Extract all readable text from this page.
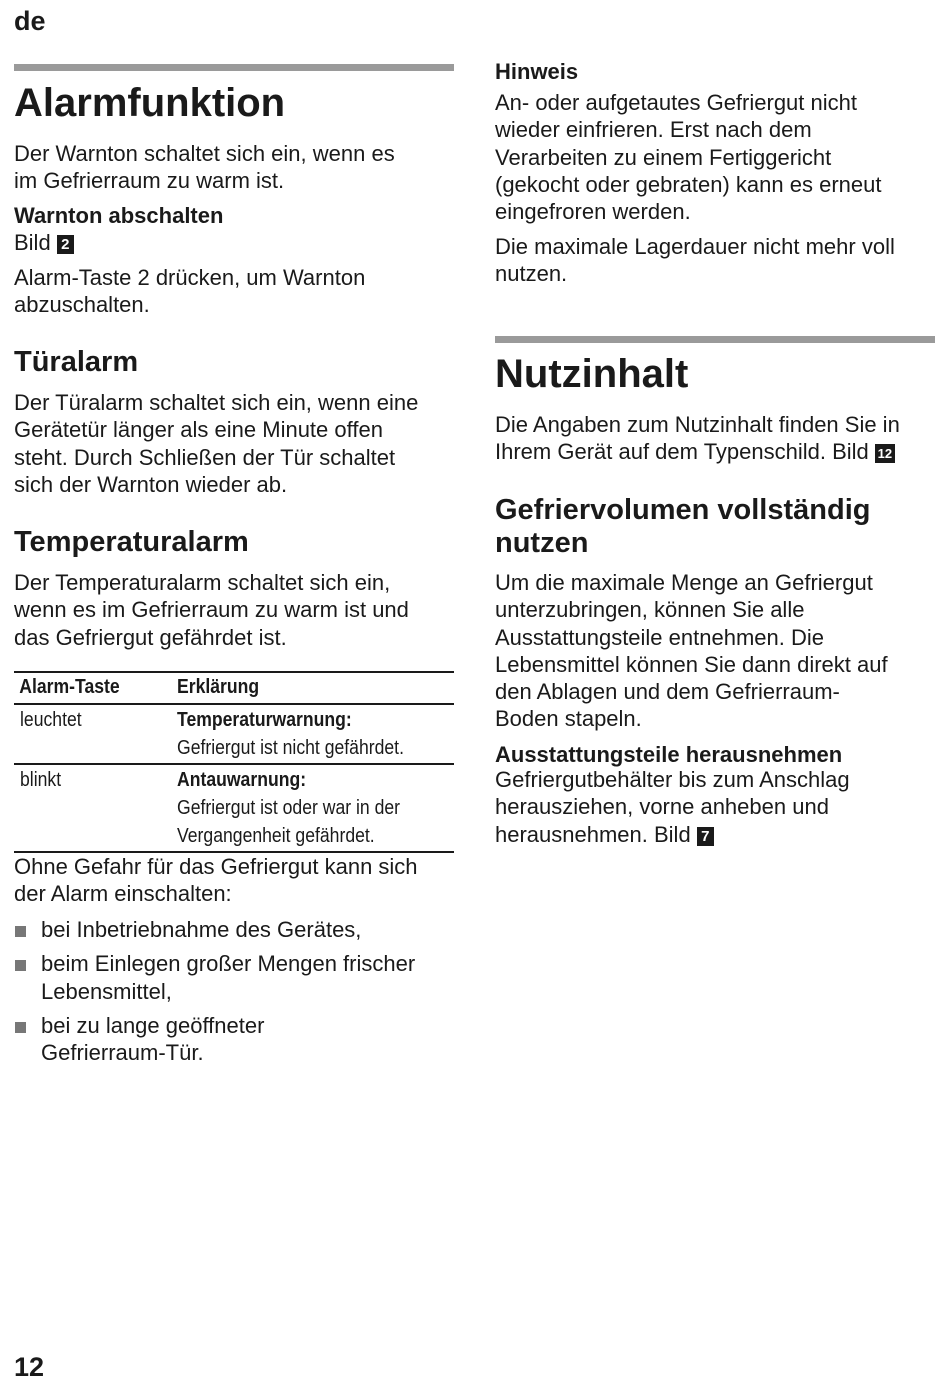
de
Alarmfunktion
Der Warnton schaltet sich ein, wenn es
im Gefrierraum zu warm ist.
Warnton abschalten
Bild 2
Alarm-Taste 2 drücken, um Warnton
abzuschalten.
Türalarm
Der Türalarm schaltet sich ein, wenn eine
Gerätetür länger als eine Minute offen
steht. Durch Schließen der Tür schaltet
sich der Warnton wieder ab.
Temperaturalarm
Der Temperaturalarm schaltet sich ein,
wenn es im Gefrierraum zu warm ist und
das Gefriergut gefährdet ist.
Alarm-Taste	Erklärung
leuchtet	Temperaturwarnung:
Gefriergut ist nicht gefährdet.

blinkt	Antauwarnung:
Gefriergut ist oder war in der
Vergangenheit gefährdet.
Ohne Gefahr für das Gefriergut kann sich
der Alarm einschalten:
bei Inbetriebnahme des Gerätes,
beim Einlegen großer Mengen frischer
Lebensmittel,
bei zu lange geöffneter
Gefrierraum-Tür.
Hinweis
An- oder aufgetautes Gefriergut nicht
wieder einfrieren. Erst nach dem
Verarbeiten zu einem Fertiggericht
(gekocht oder gebraten) kann es erneut
eingefroren werden.
Die maximale Lagerdauer nicht mehr voll
nutzen.
Nutzinhalt
Die Angaben zum Nutzinhalt finden Sie in
Ihrem Gerät auf dem Typenschild. Bild 12
Gefriervolumen vollständig
nutzen
Um die maximale Menge an Gefriergut
unterzubringen, können Sie alle
Ausstattungsteile entnehmen. Die
Lebensmittel können Sie dann direkt auf
den Ablagen und dem Gefrierraum-
Boden stapeln.
Ausstattungsteile herausnehmen
Gefriergutbehälter bis zum Anschlag
herausziehen, vorne anheben und
herausnehmen. Bild 7
12
